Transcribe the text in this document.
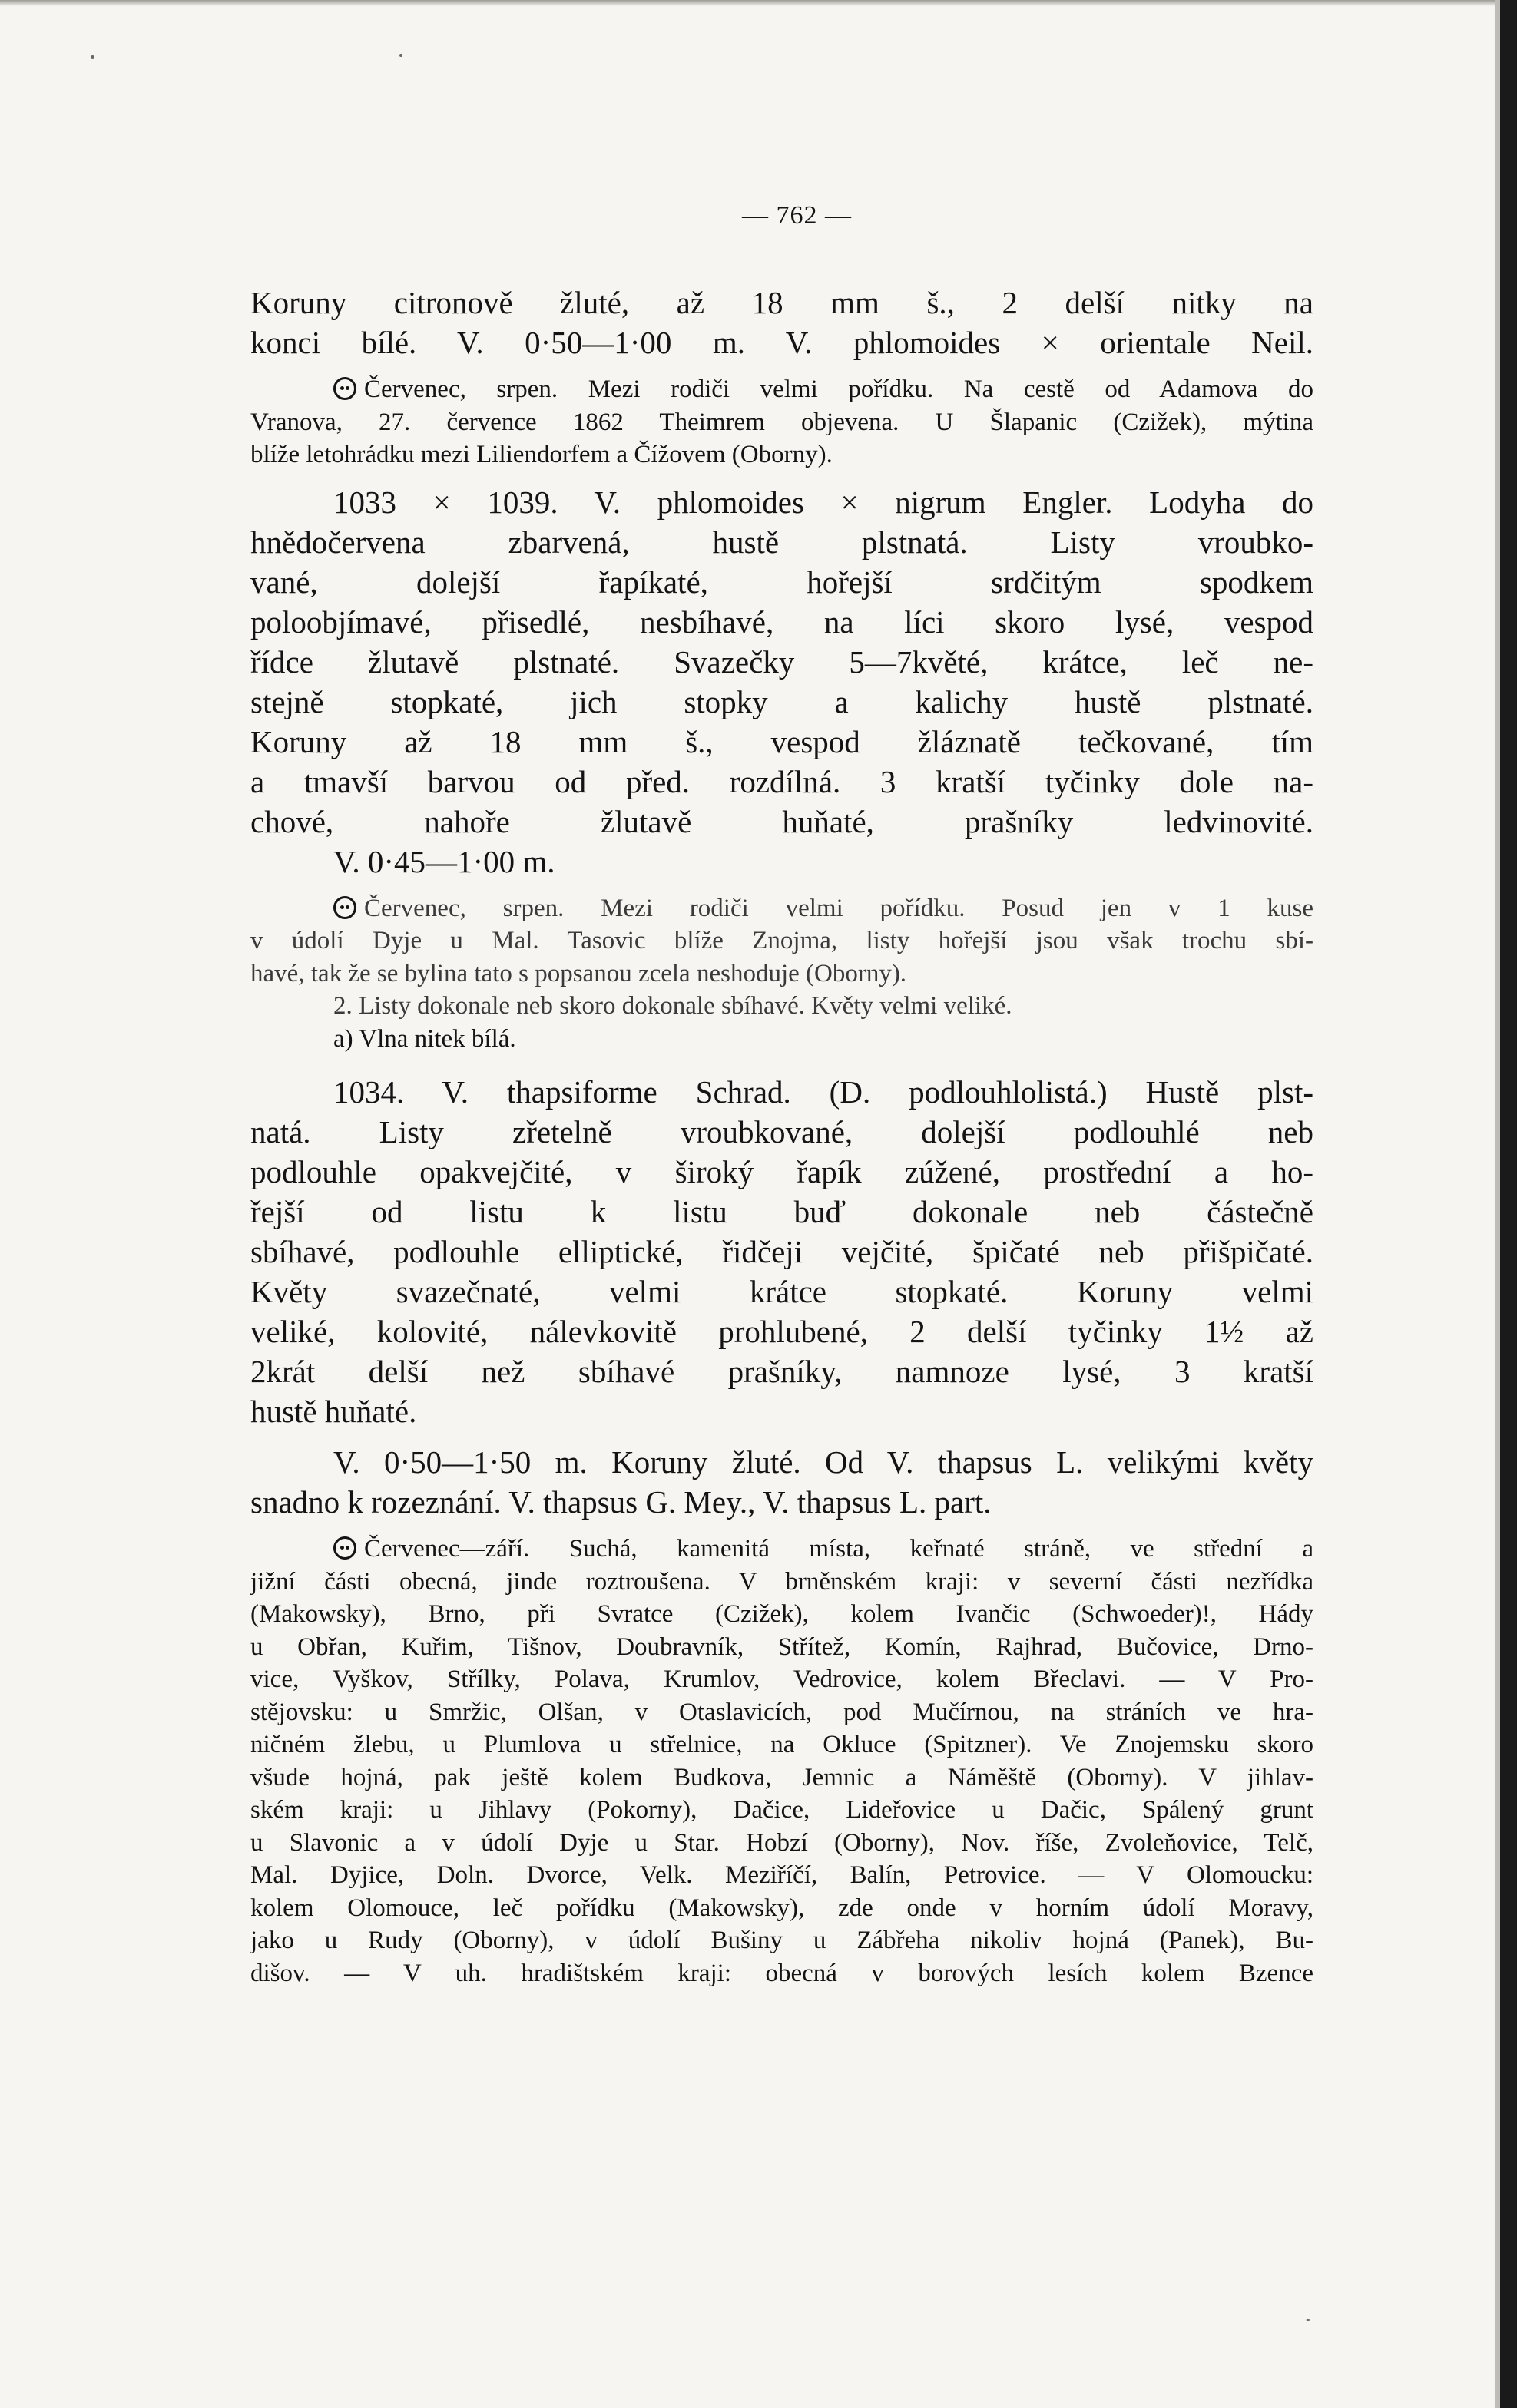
— 762 —
Koruny citronově žluté, až 18 mm š., 2 delší nitky na
konci bílé. V. 0·50—1·00 m. V. phlomoides × orientale Neil.
Červenec, srpen. Mezi rodiči velmi pořídku. Na cestě od Adamova do
Vranova, 27. července 1862 Theimrem objevena. U Šlapanic (Czižek), mýtina
blíže letohrádku mezi Liliendorfem a Čížovem (Oborny).
1033 × 1039. V. phlomoides × nigrum Engler. Lodyha do
hnědočervena zbarvená, hustě plstnatá. Listy vroubko-
vané, dolejší řapíkaté, hořejší srdčitým spodkem
poloobjímavé, přisedlé, nesbíhavé, na líci skoro lysé, vespod
řídce žlutavě plstnaté. Svazečky 5—7květé, krátce, leč ne-
stejně stopkaté, jich stopky a kalichy hustě plstnaté.
Koruny až 18 mm š., vespod žláznatě tečkované, tím
a tmavší barvou od před. rozdílná. 3 kratší tyčinky dole na-
chové, nahoře žlutavě huňaté, prašníky ledvinovité.
V. 0·45—1·00 m.
Červenec, srpen. Mezi rodiči velmi pořídku. Posud jen v 1 kuse
v údolí Dyje u Mal. Tasovic blíže Znojma, listy hořejší jsou však trochu sbí-
havé, tak že se bylina tato s popsanou zcela neshoduje (Oborny).
2. Listy dokonale neb skoro dokonale sbíhavé. Květy velmi veliké.
a) Vlna nitek bílá.
1034. V. thapsiforme Schrad. (D. podlouhlolistá.) Hustě plst-
natá. Listy zřetelně vroubkované, dolejší podlouhlé neb
podlouhle opakvejčité, v široký řapík zúžené, prostřední a ho-
řejší od listu k listu buď dokonale neb částečně
sbíhavé, podlouhle elliptické, řidčeji vejčité, špičaté neb přišpičaté.
Květy svazečnaté, velmi krátce stopkaté. Koruny velmi
veliké, kolovité, nálevkovitě prohlubené, 2 delší tyčinky 1½ až
2krát delší než sbíhavé prašníky, namnoze lysé, 3 kratší
hustě huňaté.
V. 0·50—1·50 m. Koruny žluté. Od V. thapsus L. velikými květy
snadno k rozeznání. V. thapsus G. Mey., V. thapsus L. part.
Červenec—září. Suchá, kamenitá místa, keřnaté stráně, ve střední a
jižní části obecná, jinde roztroušena. V brněnském kraji: v severní části nezřídka
(Makowsky), Brno, při Svratce (Czižek), kolem Ivančic (Schwoeder)!, Hády
u Obřan, Kuřim, Tišnov, Doubravník, Střítež, Komín, Rajhrad, Bučovice, Drno-
vice, Vyškov, Střílky, Polava, Krumlov, Vedrovice, kolem Břeclavi. — V Pro-
stějovsku: u Smržic, Olšan, v Otaslavicích, pod Mučírnou, na stráních ve hra-
ničném žlebu, u Plumlova u střelnice, na Okluce (Spitzner). Ve Znojemsku skoro
všude hojná, pak ještě kolem Budkova, Jemnic a Náměště (Oborny). V jihlav-
ském kraji: u Jihlavy (Pokorny), Dačice, Lideřovice u Dačic, Spálený grunt
u Slavonic a v údolí Dyje u Star. Hobzí (Oborny), Nov. říše, Zvoleňovice, Telč,
Mal. Dyjice, Doln. Dvorce, Velk. Meziříčí, Balín, Petrovice. — V Olomoucku:
kolem Olomouce, leč pořídku (Makowsky), zde onde v horním údolí Moravy,
jako u Rudy (Oborny), v údolí Bušiny u Zábřeha nikoliv hojná (Panek), Bu-
dišov. — V uh. hradištském kraji: obecná v borových lesích kolem Bzence
